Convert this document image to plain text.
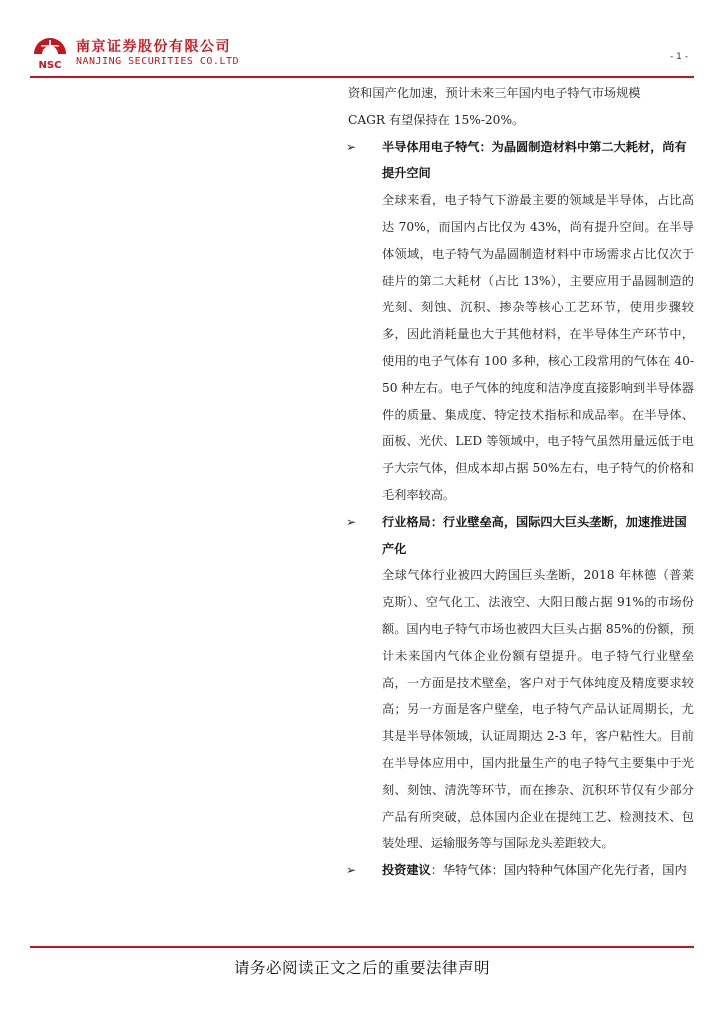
NSC
南京证券股份有限公司
NANJING SECURITIES CO.LTD	- 1 -

资和国产化加速，预计未来三年国内电子特气市场规模

CAGR 有望保持在 15%-20%。

➢ 半导体用电子特气：为晶圆制造材料中第二大耗材，尚有提升空间

全球来看，电子特气下游最主要的领域是半导体，占比高达 70%，而国内占比仅为 43%，尚有提升空间。在半导体领域，电子特气为晶圆制造材料中市场需求占比仅次于硅片的第二大耗材（占比 13%），主要应用于晶圆制造的光刻、刻蚀、沉积、掺杂等核心工艺环节，使用步骤较多，因此消耗量也大于其他材料，在半导体生产环节中，使用的电子气体有 100 多种，核心工段常用的气体在 40-50 种左右。电子气体的纯度和洁净度直接影响到半导体器件的质量、集成度、特定技术指标和成品率。在半导体、面板、光伏、LED 等领域中，电子特气虽然用量远低于电子大宗气体，但成本却占据 50%左右，电子特气的价格和毛利率较高。

➢ 行业格局：行业壁垒高，国际四大巨头垄断，加速推进国产化

全球气体行业被四大跨国巨头垄断，2018 年林德（普莱克斯）、空气化工、法液空、大阳日酸占据 91%的市场份额。国内电子特气市场也被四大巨头占据 85%的份额，预计未来国内气体企业份额有望提升。电子特气行业壁垒高，一方面是技术壁垒，客户对于气体纯度及精度要求较高；另一方面是客户壁垒，电子特气产品认证周期长，尤其是半导体领域，认证周期达 2-3 年，客户粘性大。目前在半导体应用中，国内批量生产的电子特气主要集中于光刻、刻蚀、清洗等环节，而在掺杂、沉积环节仅有少部分产品有所突破，总体国内企业在提纯工艺、检测技术、包装处理、运输服务等与国际龙头差距较大。

➢ 投资建议：华特气体：国内特种气体国产化先行者，国内
请务必阅读正文之后的重要法律声明
